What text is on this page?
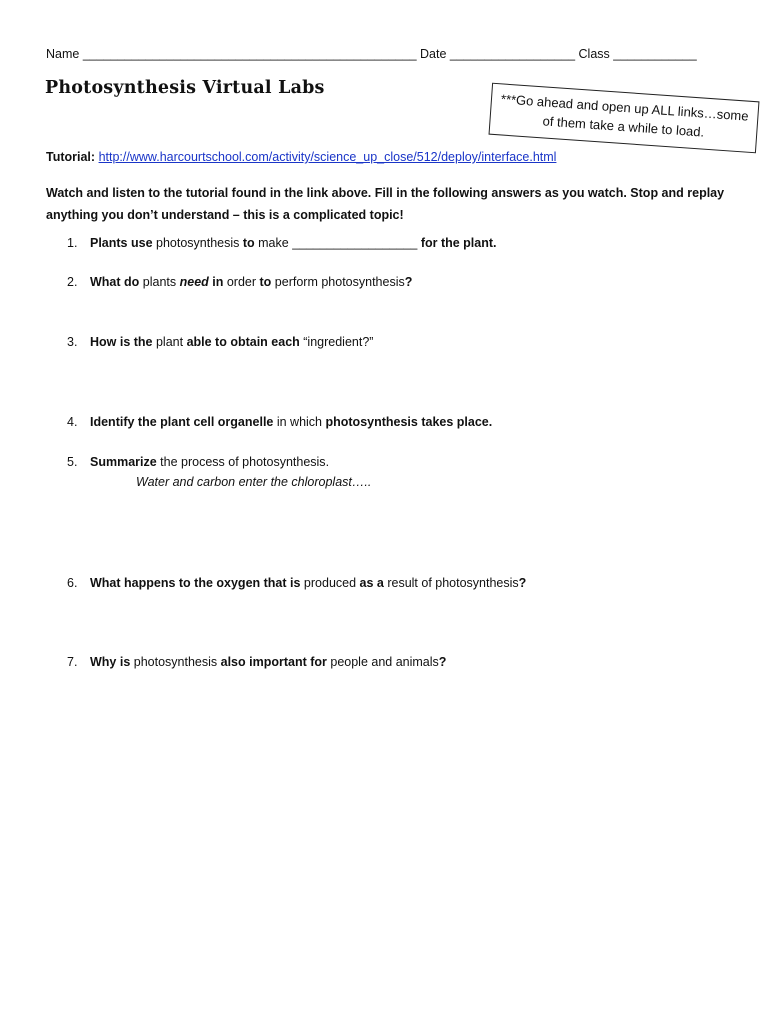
Name ________________________________________________ Date __________________ Class ____________
Photosynthesis Virtual Labs
***Go ahead and open up ALL links…some of them take a while to load.
Tutorial: http://www.harcourtschool.com/activity/science_up_close/512/deploy/interface.html

Watch and listen to the tutorial found in the link above. Fill in the following answers as you watch. Stop and replay anything you don’t understand – this is a complicated topic!

1. Plants use photosynthesis to make __________________ for the plant.
2. What do plants need in order to perform photosynthesis?
3. How is the plant able to obtain each “ingredient?”
4. Identify the plant cell organelle in which photosynthesis takes place.
5. Summarize the process of photosynthesis.
Water and carbon enter the chloroplast…..
6. What happens to the oxygen that is produced as a result of photosynthesis?
7. Why is photosynthesis also important for people and animals?
